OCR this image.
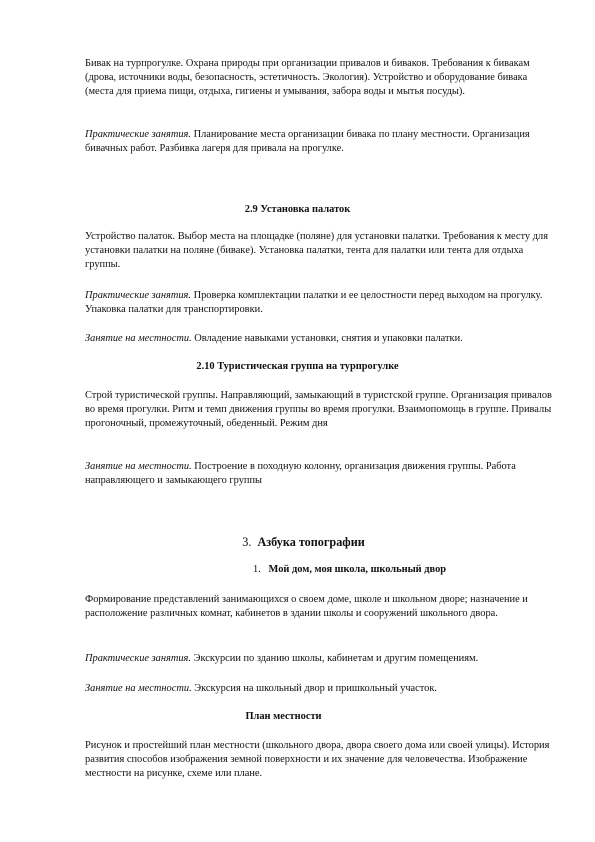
Бивак на турпрогулке. Охрана природы при организации привалов и биваков. Требования к бивакам (дрова, источники воды, безопасность, эстетичность. Экология). Устройство и оборудование бивака (места для приема пищи, отдыха, гигиены и умывания, забора воды и мытья посуды).

Практические занятия. Планирование места организации бивака по плану местности. Организация бивачных работ. Разбивка лагеря для привала на прогулке.

2.9 Установка палаток

Устройство палаток. Выбор места на площадке (поляне) для установки палатки. Требования к месту для установки палатки на поляне (бивакe). Установка палатки, тента для палатки или тента для отдыха группы.

Практические занятия. Проверка комплектации палатки и ее целостности перед выходом на прогулку. Упаковка палатки для транспортировки.

Занятие на местности. Овладение навыками установки, снятия и упаковки палатки.

2.10 Туристическая группа на турпрогулке

Строй туристической группы. Направляющий, замыкающий в туристской группе. Организация привалов во время прогулки. Ритм и темп движения группы во время прогулки. Взаимопомощь в группе. Привалы прогоночный, промежуточный, обеденный. Режим дня

Занятие на местности. Построение в походную колонну, организация движения группы. Работа направляющего и замыкающего группы

3. Азбука топографии
1. Мой дом, моя школа, школьный двор

Формирование представлений занимающихся о своем доме, школе и школьном дворе; назначение и расположение различных комнат, кабинетов в здании школы и сооружений школьного двора.

Практические занятия. Экскурсии по зданию школы, кабинетам и другим помещениям.

Занятие на местности. Экскурсия на школьный двор и пришкольный участок.

План местности

Рисунок и простейший план местности (школьного двора, двора своего дома или своей улицы). История развития способов изображения земной поверхности и их значение для человечества. Изображение местности на рисунке, схеме или плане.
